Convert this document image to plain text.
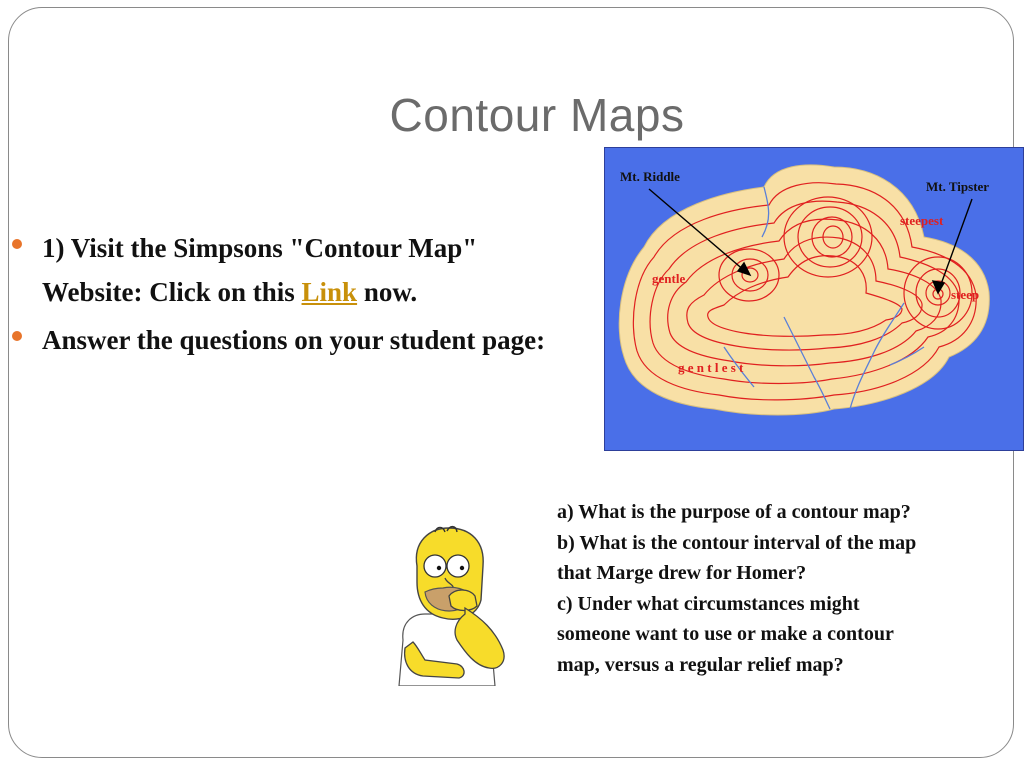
Contour Maps
1) Visit the Simpsons "Contour Map" Website: Click on this Link now.
Answer the questions on your student page:
Mt. Riddle
Mt. Tipster
steepest
gentle
steep
g e n t l e s t
a) What is the purpose of a contour map?
b) What is the contour interval of the map
that Marge drew for Homer?
c) Under what circumstances might
someone want to use or make a contour
map, versus a regular relief map?
